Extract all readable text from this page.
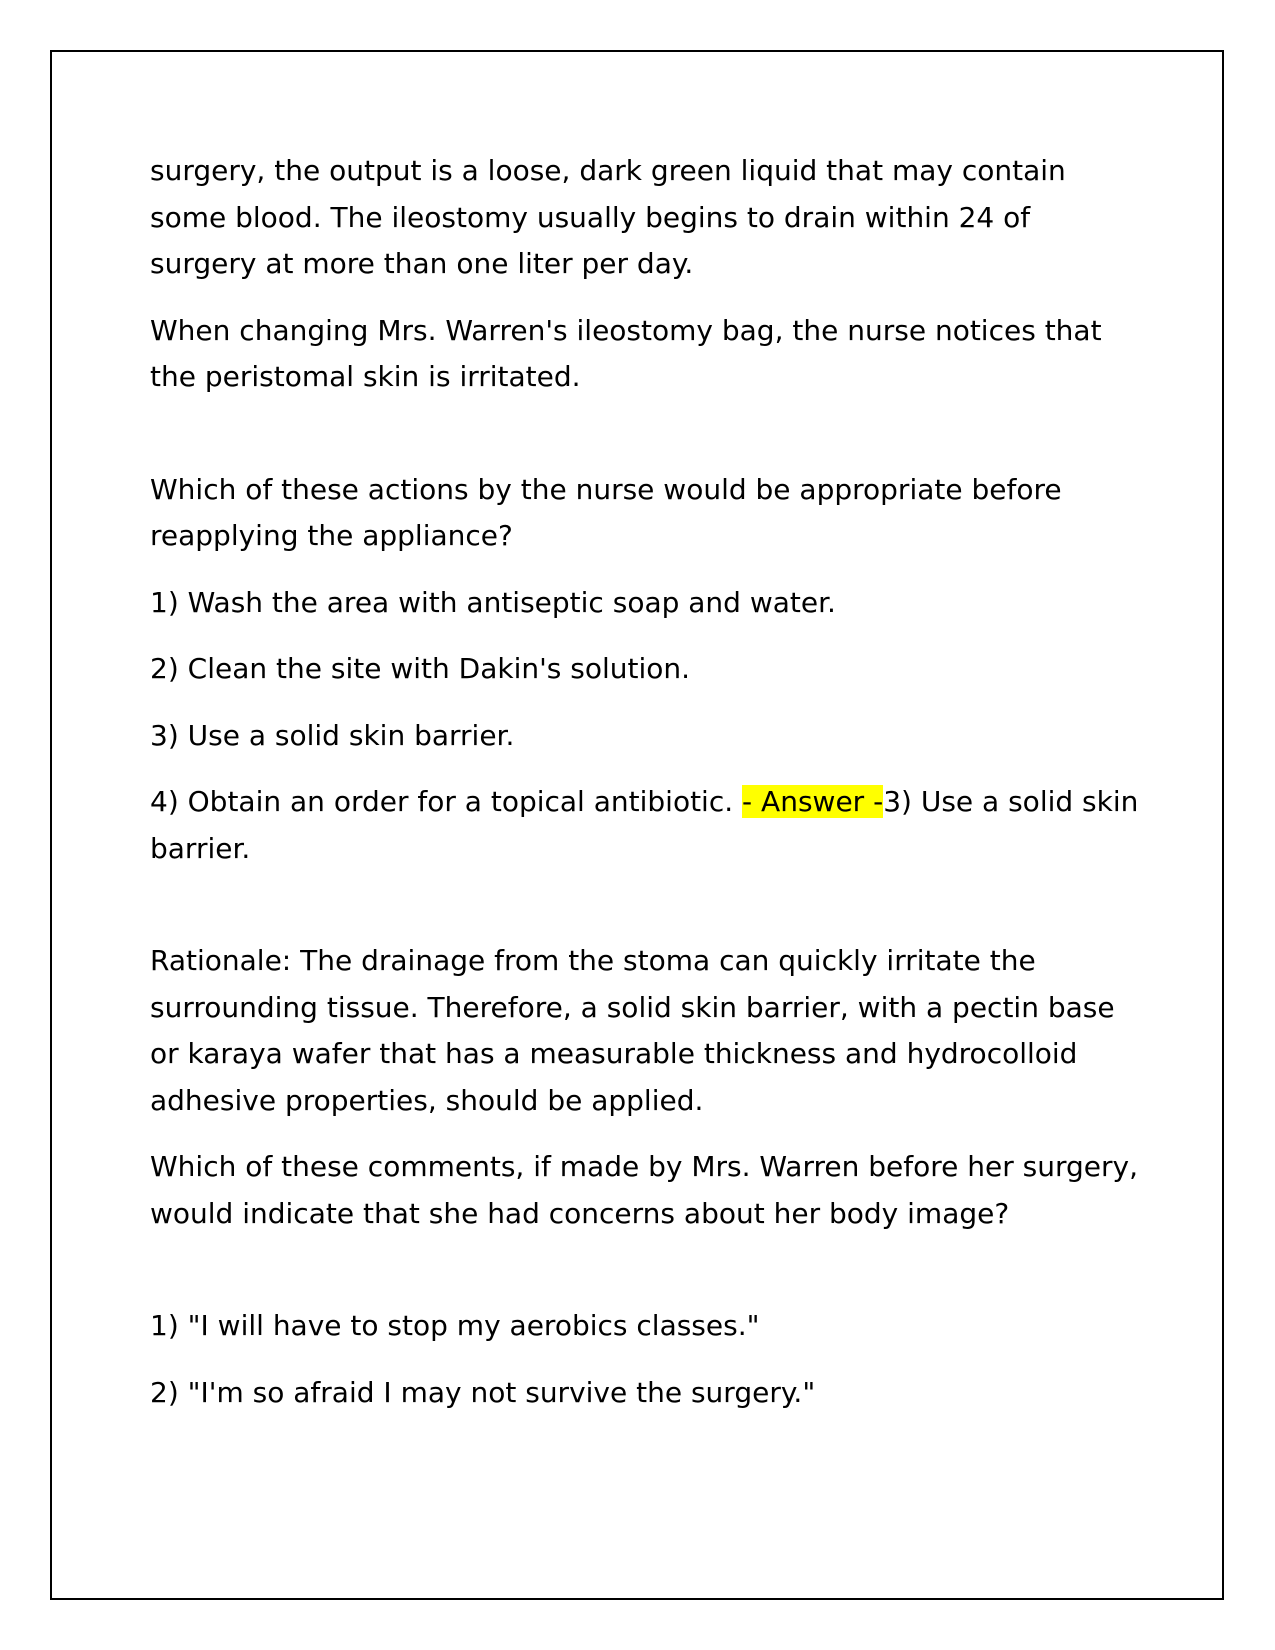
surgery, the output is a loose, dark green liquid that may contain some blood. The ileostomy usually begins to drain within 24 of surgery at more than one liter per day.

When changing Mrs. Warren's ileostomy bag, the nurse notices that the peristomal skin is irritated.

Which of these actions by the nurse would be appropriate before reapplying the appliance?

1) Wash the area with antiseptic soap and water.

2) Clean the site with Dakin's solution.

3) Use a solid skin barrier.

4) Obtain an order for a topical antibiotic. - Answer -3) Use a solid skin barrier.

Rationale: The drainage from the stoma can quickly irritate the surrounding tissue. Therefore, a solid skin barrier, with a pectin base or karaya wafer that has a measurable thickness and hydrocolloid adhesive properties, should be applied.

Which of these comments, if made by Mrs. Warren before her surgery, would indicate that she had concerns about her body image?

1) "I will have to stop my aerobics classes."

2) "I'm so afraid I may not survive the surgery."
